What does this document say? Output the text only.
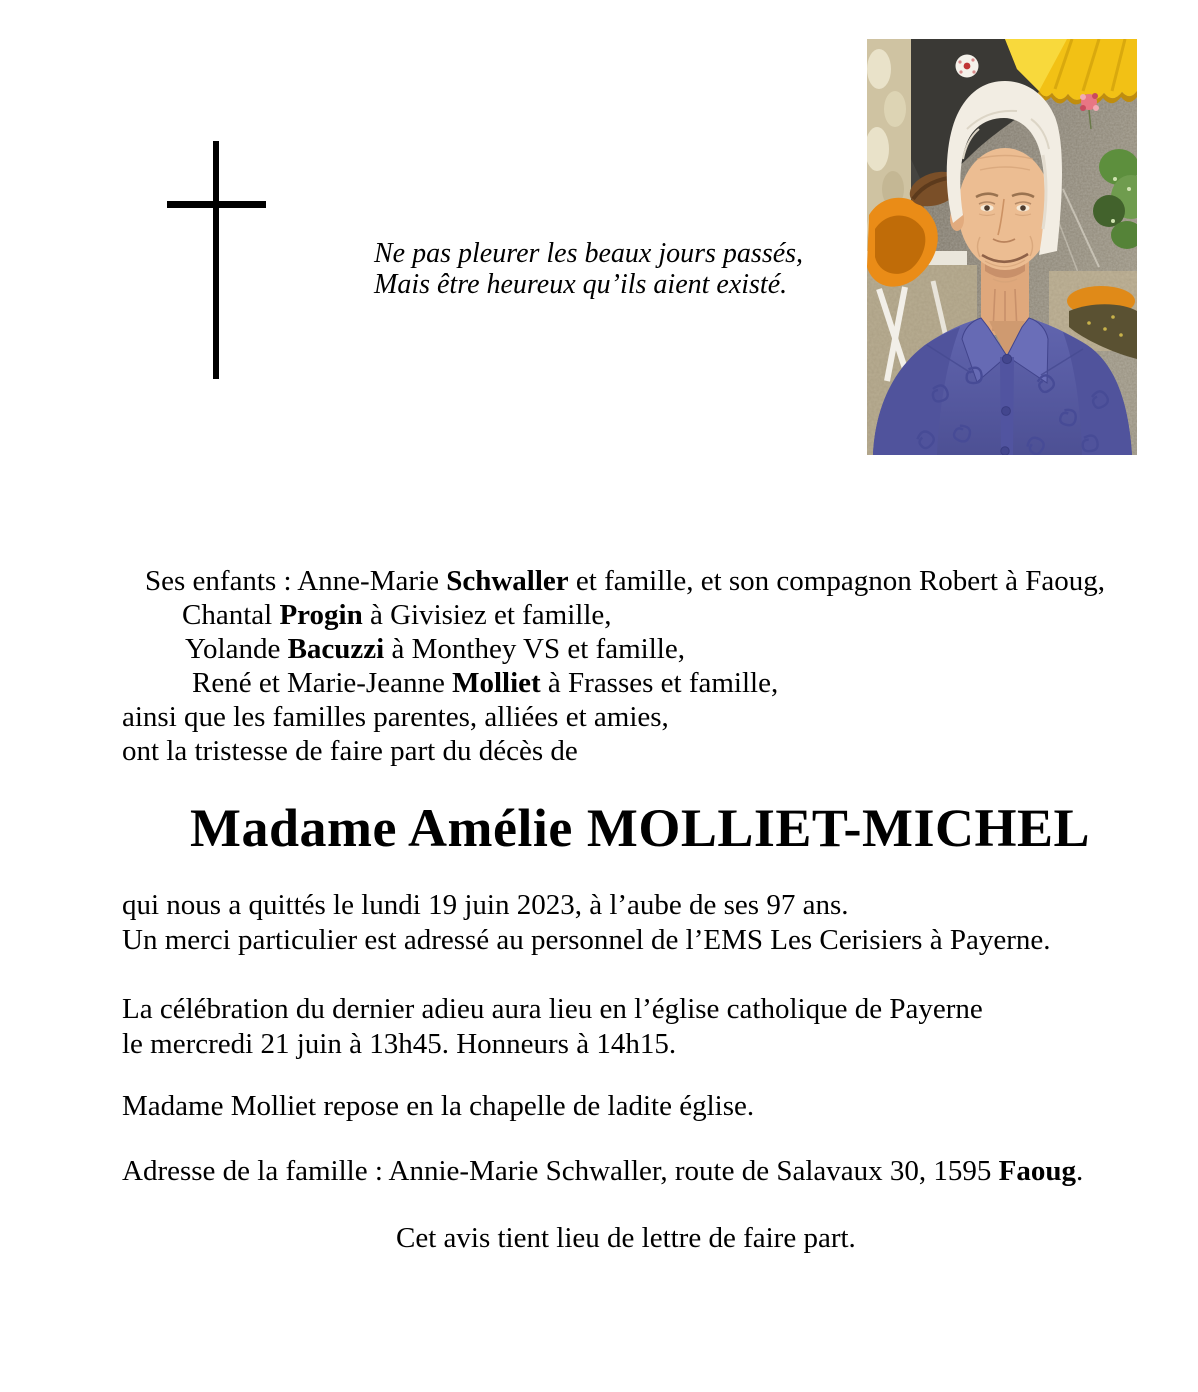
Ne pas pleurer les beaux jours passés,
Mais être heureux qu’ils aient existé.
Ses enfants : Anne-Marie Schwaller et famille, et son compagnon Robert à Faoug,
Chantal Progin à Givisiez et famille,
Yolande Bacuzzi à Monthey VS et famille,
René et Marie-Jeanne Molliet à Frasses et famille,
ainsi que les familles parentes, alliées et amies,
ont la tristesse de faire part du décès de
Madame Amélie MOLLIET-MICHEL
qui nous a quittés le lundi 19 juin 2023, à l’aube de ses 97 ans.
Un merci particulier est adressé au personnel de l’EMS Les Cerisiers à Payerne.
La célébration du dernier adieu aura lieu en l’église catholique de Payerne
le mercredi 21 juin à 13h45. Honneurs à 14h15.
Madame Molliet repose en la chapelle de ladite église.
Adresse de la famille : Annie-Marie Schwaller, route de Salavaux 30, 1595 Faoug.
Cet avis tient lieu de lettre de faire part.
